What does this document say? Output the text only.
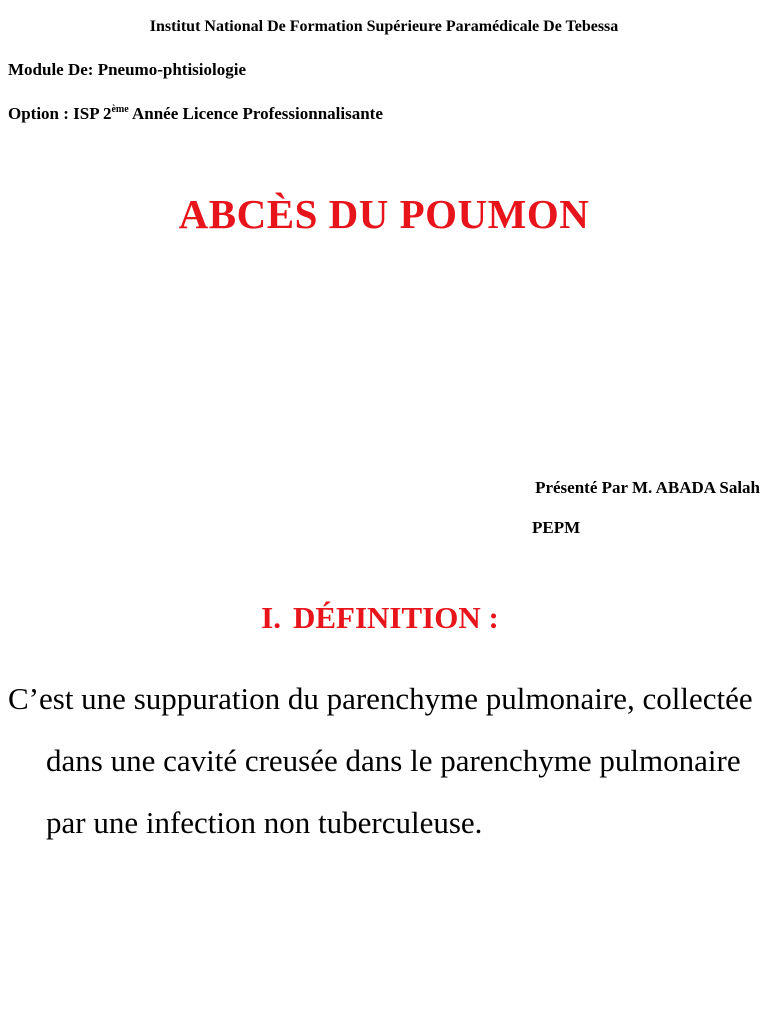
Institut National De Formation Supérieure Paramédicale De Tebessa
Module De: Pneumo-phtisiologie
Option : ISP 2ème Année Licence Professionnalisante
ABCÈS DU POUMON
Présenté Par M. ABADA Salah
PEPM
I. DÉFINITION :

C’est une suppuration du parenchyme pulmonaire, collectée dans une cavité creusée dans le parenchyme pulmonaire par une infection non tuberculeuse.
